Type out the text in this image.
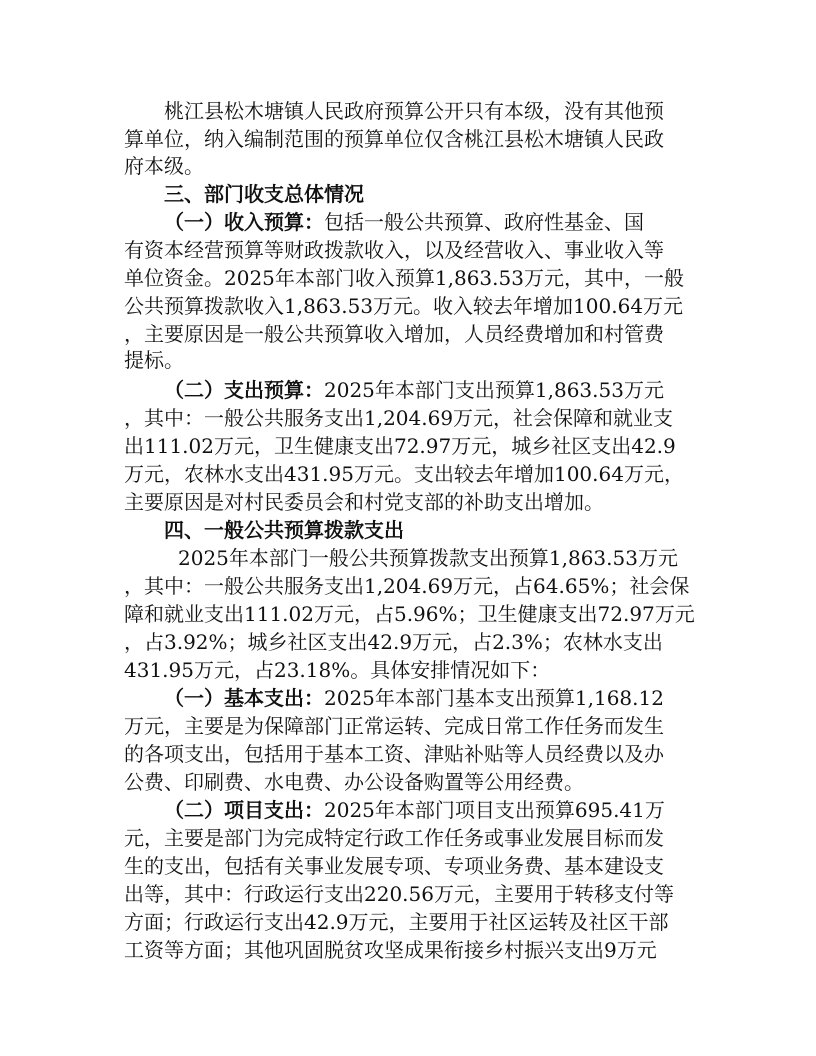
桃江县松木塘镇人民政府预算公开只有本级，没有其他预
算单位，纳入编制范围的预算单位仅含桃江县松木塘镇人民政
府本级。
三、部门收支总体情况
（一）收入预算：包括一般公共预算、政府性基金、国
有资本经营预算等财政拨款收入，以及经营收入、事业收入等
单位资金。2025年本部门收入预算1,863.53万元，其中，一般
公共预算拨款收入1,863.53万元。收入较去年增加100.64万元
，主要原因是一般公共预算收入增加，人员经费增加和村管费
提标。
（二）支出预算：2025年本部门支出预算1,863.53万元
，其中：一般公共服务支出1,204.69万元，社会保障和就业支
出111.02万元，卫生健康支出72.97万元，城乡社区支出42.9
万元，农林水支出431.95万元。支出较去年增加100.64万元，
主要原因是对村民委员会和村党支部的补助支出增加。
四、一般公共预算拨款支出
2025年本部门一般公共预算拨款支出预算1,863.53万元
，其中：一般公共服务支出1,204.69万元，占64.65%；社会保
障和就业支出111.02万元，占5.96%；卫生健康支出72.97万元
，占3.92%；城乡社区支出42.9万元，占2.3%；农林水支出
431.95万元，占23.18%。具体安排情况如下：
（一）基本支出：2025年本部门基本支出预算1,168.12
万元，主要是为保障部门正常运转、完成日常工作任务而发生
的各项支出，包括用于基本工资、津贴补贴等人员经费以及办
公费、印刷费、水电费、办公设备购置等公用经费。
（二）项目支出：2025年本部门项目支出预算695.41万
元，主要是部门为完成特定行政工作任务或事业发展目标而发
生的支出，包括有关事业发展专项、专项业务费、基本建设支
出等，其中：行政运行支出220.56万元，主要用于转移支付等
方面；行政运行支出42.9万元，主要用于社区运转及社区干部
工资等方面；其他巩固脱贫攻坚成果衔接乡村振兴支出9万元
